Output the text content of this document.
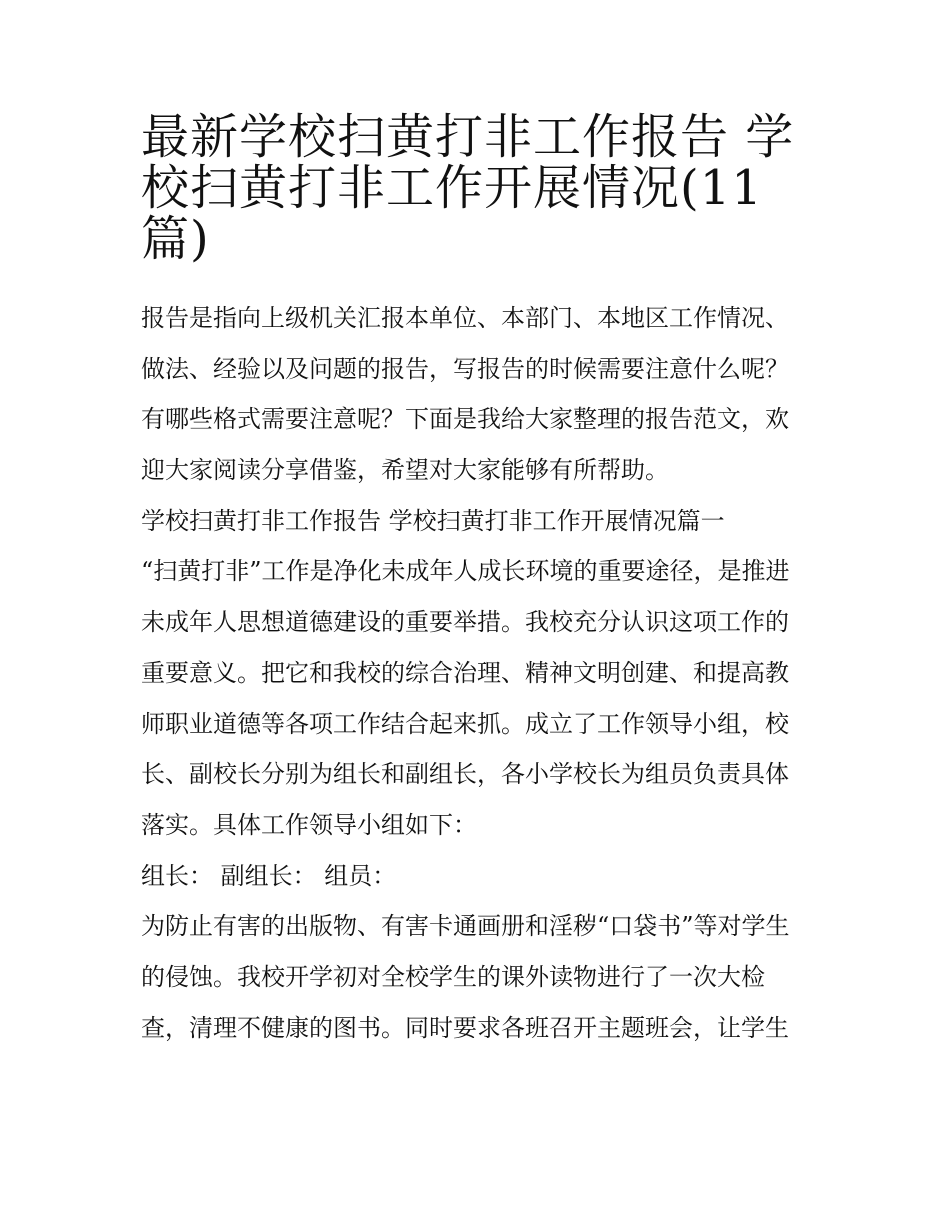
最新学校扫黄打非工作报告 学
校扫黄打非工作开展情况(11
篇)
报告是指向上级机关汇报本单位、本部门、本地区工作情况、
做法、经验以及问题的报告，写报告的时候需要注意什么呢？
有哪些格式需要注意呢？下面是我给大家整理的报告范文，欢
迎大家阅读分享借鉴，希望对大家能够有所帮助。
学校扫黄打非工作报告 学校扫黄打非工作开展情况篇一
“扫黄打非”工作是净化未成年人成长环境的重要途径，是推进
未成年人思想道德建设的重要举措。我校充分认识这项工作的
重要意义。把它和我校的综合治理、精神文明创建、和提高教
师职业道德等各项工作结合起来抓。成立了工作领导小组，校
长、副校长分别为组长和副组长，各小学校长为组员负责具体
落实。具体工作领导小组如下：
组长： 副组长： 组员：
为防止有害的出版物、有害卡通画册和淫秽“口袋书”等对学生
的侵蚀。我校开学初对全校学生的课外读物进行了一次大检
查，清理不健康的图书。同时要求各班召开主题班会，让学生
